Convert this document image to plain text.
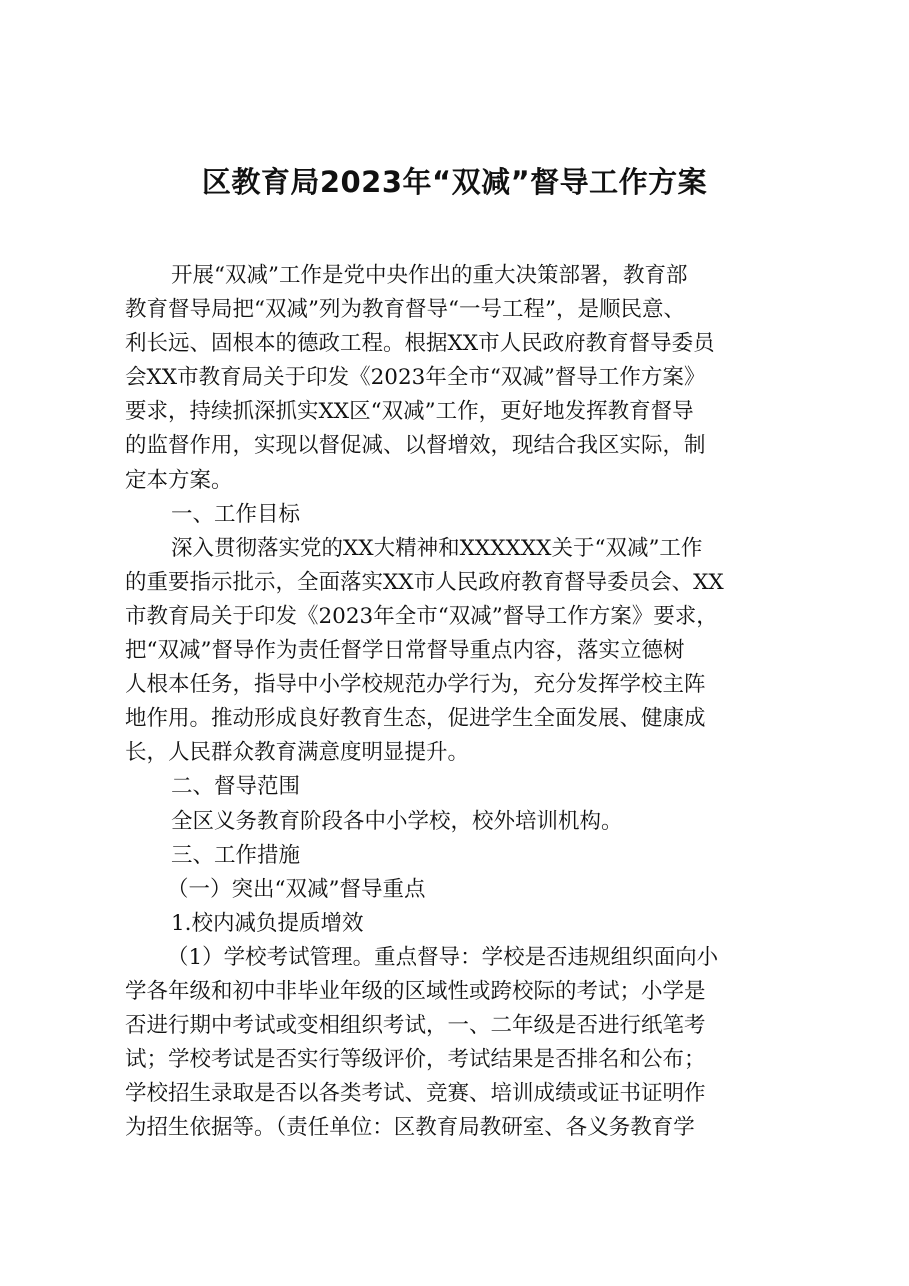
区教育局2023年“双减”督导工作方案
开展“双减”工作是党中央作出的重大决策部署，教育部
教育督导局把“双减”列为教育督导“一号工程”，是顺民意、
利长远、固根本的德政工程。根据XX市人民政府教育督导委员
会XX市教育局关于印发《2023年全市“双减”督导工作方案》
要求，持续抓深抓实XX区“双减”工作，更好地发挥教育督导
的监督作用，实现以督促减、以督增效，现结合我区实际，制
定本方案。
一、工作目标
深入贯彻落实党的XX大精神和XXXXXX关于“双减”工作
的重要指示批示，全面落实XX市人民政府教育督导委员会、XX
市教育局关于印发《2023年全市“双减”督导工作方案》要求，
把“双减”督导作为责任督学日常督导重点内容，落实立德树
人根本任务，指导中小学校规范办学行为，充分发挥学校主阵
地作用。推动形成良好教育生态，促进学生全面发展、健康成
长，人民群众教育满意度明显提升。
二、督导范围
全区义务教育阶段各中小学校，校外培训机构。
三、工作措施
（一）突出“双减”督导重点
1.校内减负提质增效
（1）学校考试管理。重点督导：学校是否违规组织面向小
学各年级和初中非毕业年级的区域性或跨校际的考试；小学是
否进行期中考试或变相组织考试，一、二年级是否进行纸笔考
试；学校考试是否实行等级评价，考试结果是否排名和公布；
学校招生录取是否以各类考试、竞赛、培训成绩或证书证明作
为招生依据等。（责任单位：区教育局教研室、各义务教育学
